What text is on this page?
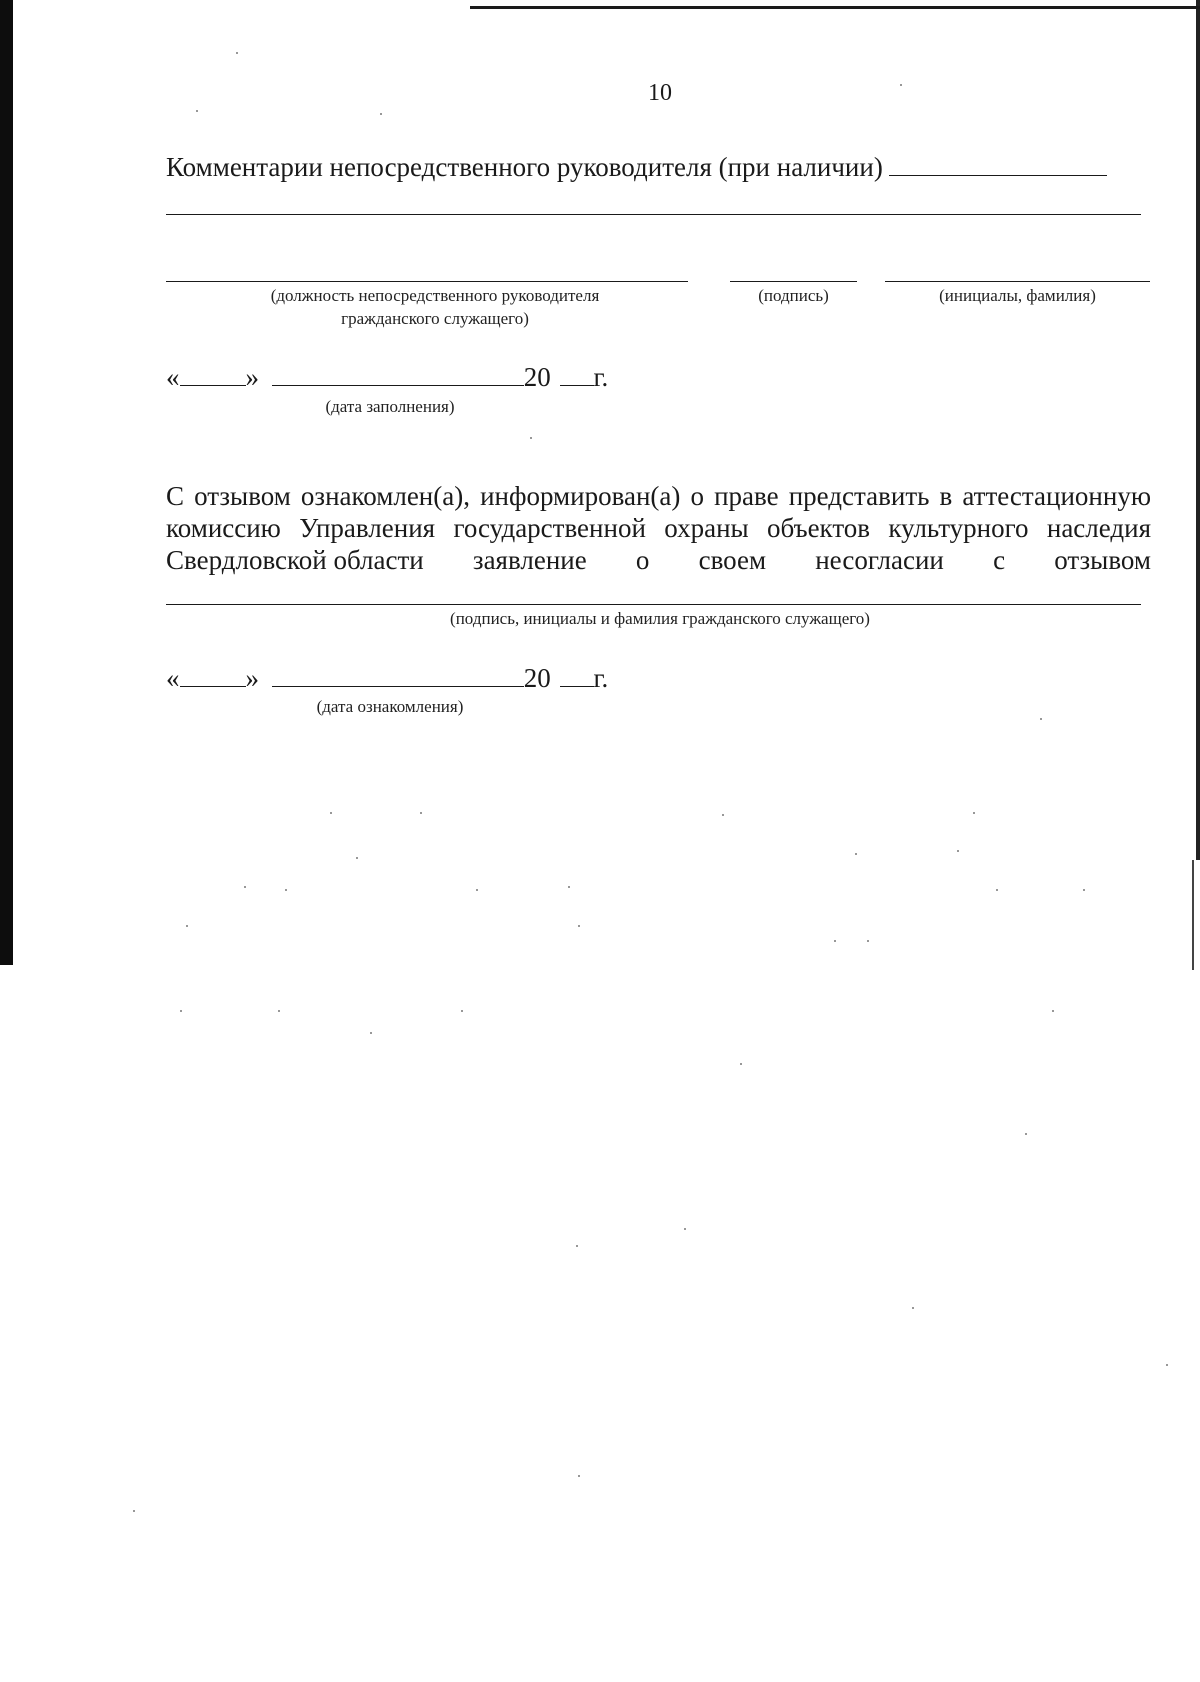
10
Комментарии непосредственного руководителя (при наличии)
(должность непосредственного руководителя
гражданского служащего)
(подпись)	(инициалы, фамилия)
« »	20 г.
(дата заполнения)
С отзывом ознакомлен(а), информирован(а) о праве представить в аттестационную
комиссию Управления государственной охраны объектов культурного наследия
Свердловской области заявление о своем несогласии с отзывом
(подпись, инициалы и фамилия гражданского служащего)
« »	20 г.
(дата ознакомления)
